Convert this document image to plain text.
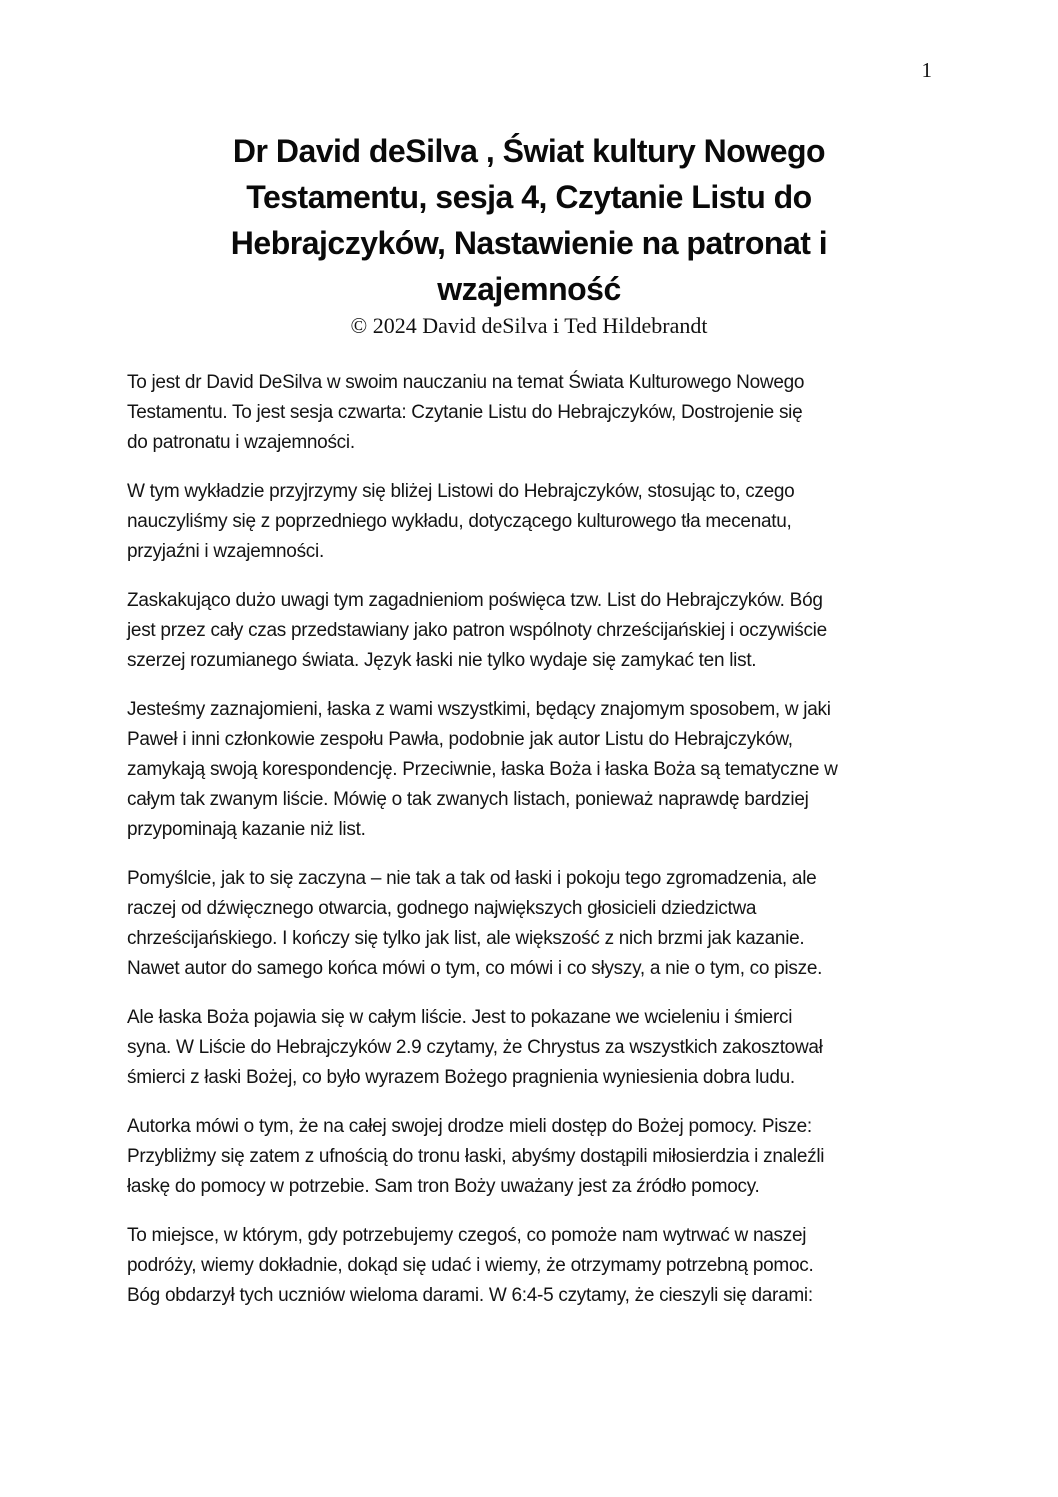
1
Dr David deSilva , Świat kultury Nowego
Testamentu, sesja 4, Czytanie Listu do
Hebrajczyków, Nastawienie na patronat i
wzajemność
© 2024 David deSilva i Ted Hildebrandt

To jest dr David DeSilva w swoim nauczaniu na temat Świata Kulturowego Nowego
Testamentu. To jest sesja czwarta: Czytanie Listu do Hebrajczyków, Dostrojenie się
do patronatu i wzajemności.

W tym wykładzie przyjrzymy się bliżej Listowi do Hebrajczyków, stosując to, czego
nauczyliśmy się z poprzedniego wykładu, dotyczącego kulturowego tła mecenatu,
przyjaźni i wzajemności.

Zaskakująco dużo uwagi tym zagadnieniom poświęca tzw. List do Hebrajczyków. Bóg
jest przez cały czas przedstawiany jako patron wspólnoty chrześcijańskiej i oczywiście
szerzej rozumianego świata. Język łaski nie tylko wydaje się zamykać ten list.

Jesteśmy zaznajomieni, łaska z wami wszystkimi, będący znajomym sposobem, w jaki
Paweł i inni członkowie zespołu Pawła, podobnie jak autor Listu do Hebrajczyków,
zamykają swoją korespondencję. Przeciwnie, łaska Boża i łaska Boża są tematyczne w
całym tak zwanym liście. Mówię o tak zwanych listach, ponieważ naprawdę bardziej
przypominają kazanie niż list.

Pomyślcie, jak to się zaczyna – nie tak a tak od łaski i pokoju tego zgromadzenia, ale
raczej od dźwięcznego otwarcia, godnego największych głosicieli dziedzictwa
chrześcijańskiego. I kończy się tylko jak list, ale większość z nich brzmi jak kazanie.
Nawet autor do samego końca mówi o tym, co mówi i co słyszy, a nie o tym, co pisze.

Ale łaska Boża pojawia się w całym liście. Jest to pokazane we wcieleniu i śmierci
syna. W Liście do Hebrajczyków 2.9 czytamy, że Chrystus za wszystkich zakosztował
śmierci z łaski Bożej, co było wyrazem Bożego pragnienia wyniesienia dobra ludu.

Autorka mówi o tym, że na całej swojej drodze mieli dostęp do Bożej pomocy. Pisze:
Przybliżmy się zatem z ufnością do tronu łaski, abyśmy dostąpili miłosierdzia i znaleźli
łaskę do pomocy w potrzebie. Sam tron Boży uważany jest za źródło pomocy.

To miejsce, w którym, gdy potrzebujemy czegoś, co pomoże nam wytrwać w naszej
podróży, wiemy dokładnie, dokąd się udać i wiemy, że otrzymamy potrzebną pomoc.
Bóg obdarzył tych uczniów wieloma darami. W 6:4-5 czytamy, że cieszyli się darami:
